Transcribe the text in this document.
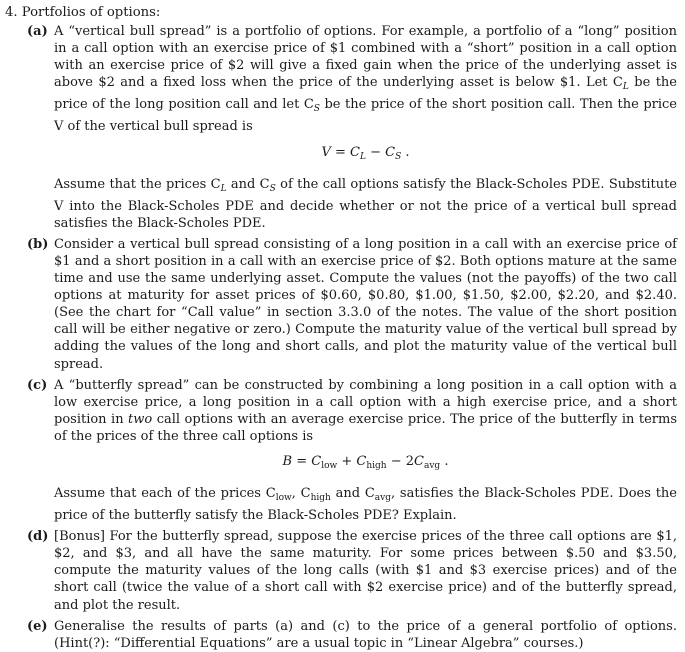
4. Portfolios of options:
(a) A “vertical bull spread” is a portfolio of options. For example, a portfolio of a “long” position in a call option with an exercise price of $1 combined with a “short” position in a call option with an exercise price of $2 will give a fixed gain when the price of the underlying asset is above $2 and a fixed loss when the price of the underlying asset is below $1. Let $C_L$ be the price of the long position call and let $C_S$ be the price of the short position call. Then the price V of the vertical bull spread is

$V = C_L - C_S$ .

Assume that the prices $C_L$ and $C_S$ of the call options satisfy the Black-Scholes PDE. Substitute V into the Black-Scholes PDE and decide whether or not the price of a vertical bull spread satisfies the Black-Scholes PDE.

(b) Consider a vertical bull spread consisting of a long position in a call with an exercise price of $1 and a short position in a call with an exercise price of $2. Both options mature at the same time and use the same underlying asset. Compute the values (not the payoffs) of the two call options at maturity for asset prices of $0.60, $0.80, $1.00, $1.50, $2.00, $2.20, and $2.40. (See the chart for “Call value” in section 3.3.0 of the notes. The value of the short position call will be either negative or zero.) Compute the maturity value of the vertical bull spread by adding the values of the long and short calls, and plot the maturity value of the vertical bull spread.

(c) A “butterfly spread” can be constructed by combining a long position in a call option with a low exercise price, a long position in a call option with a high exercise price, and a short position in two call options with an average exercise price. The price of the butterfly in terms of the prices of the three call options is

$B = C_{low} + C_{high} - 2C_{avg}$ .

Assume that each of the prices $C_{low}$, $C_{high}$ and $C_{avg}$, satisfies the Black-Scholes PDE. Does the price of the butterfly satisfy the Black-Scholes PDE? Explain.

(d) [Bonus] For the butterfly spread, suppose the exercise prices of the three call options are $1, $2, and $3, and all have the same maturity. For some prices between $.50 and $3.50, compute the maturity values of the long calls (with $1 and $3 exercise prices) and of the short call (twice the value of a short call with $2 exercise price) and of the butterfly spread, and plot the result.

(e) Generalise the results of parts (a) and (c) to the price of a general portfolio of options. (Hint(?): “Differential Equations” are a usual topic in “Linear Algebra” courses.)
